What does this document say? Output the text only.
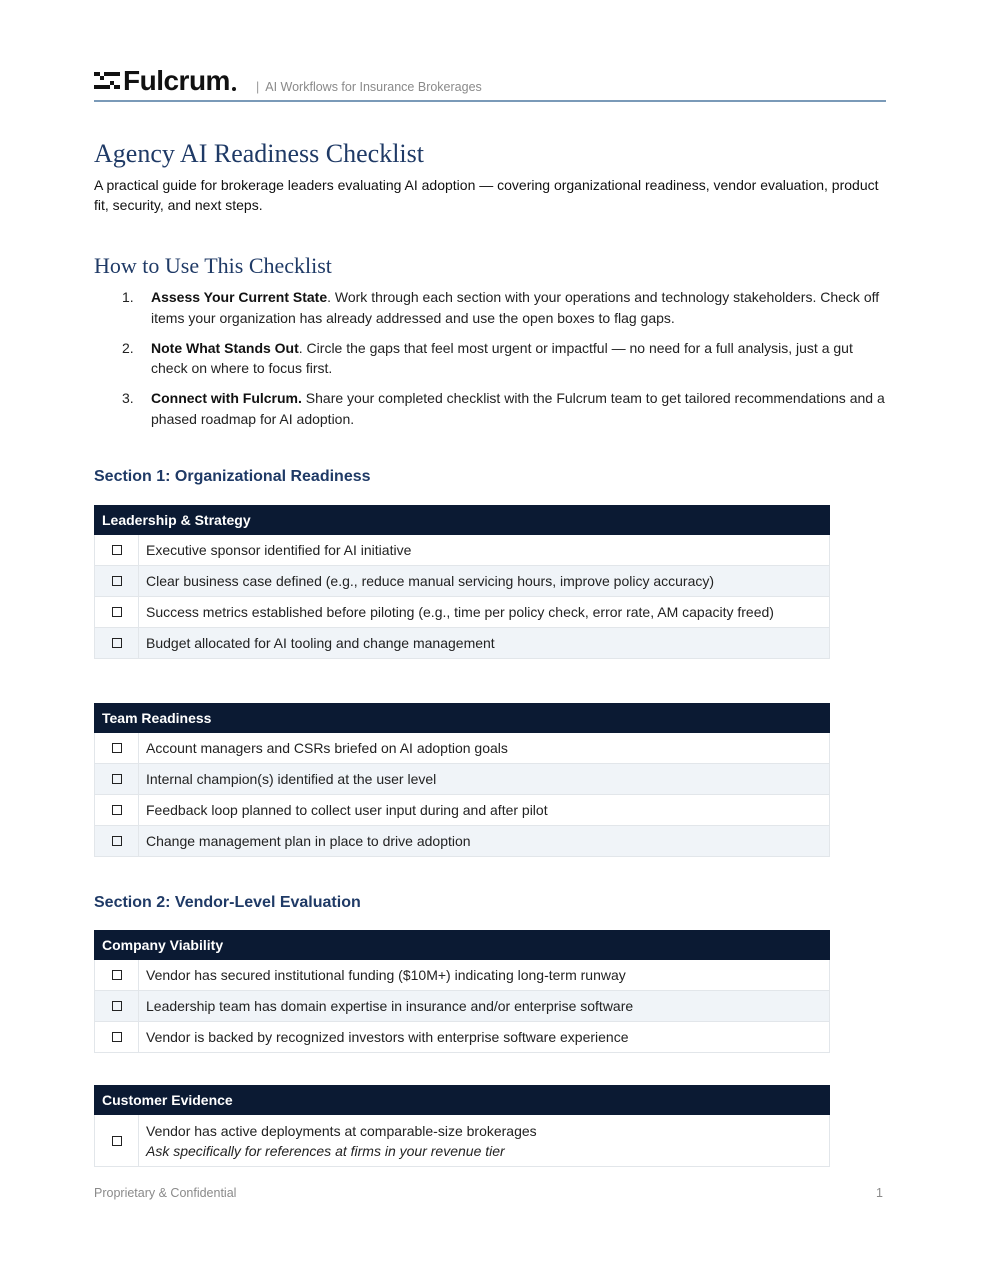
Fulcrum | AI Workflows for Insurance Brokerages
Agency AI Readiness Checklist
A practical guide for brokerage leaders evaluating AI adoption — covering organizational readiness, vendor evaluation, product fit, security, and next steps.
How to Use This Checklist
1. Assess Your Current State. Work through each section with your operations and technology stakeholders. Check off items your organization has already addressed and use the open boxes to flag gaps.
2. Note What Stands Out. Circle the gaps that feel most urgent or impactful — no need for a full analysis, just a gut check on where to focus first.
3. Connect with Fulcrum. Share your completed checklist with the Fulcrum team to get tailored recommendations and a phased roadmap for AI adoption.
Section 1: Organizational Readiness
Leadership & Strategy
Executive sponsor identified for AI initiative
Clear business case defined (e.g., reduce manual servicing hours, improve policy accuracy)
Success metrics established before piloting (e.g., time per policy check, error rate, AM capacity freed)
Budget allocated for AI tooling and change management
Team Readiness
Account managers and CSRs briefed on AI adoption goals
Internal champion(s) identified at the user level
Feedback loop planned to collect user input during and after pilot
Change management plan in place to drive adoption
Section 2: Vendor-Level Evaluation
Company Viability
Vendor has secured institutional funding ($10M+) indicating long-term runway
Leadership team has domain expertise in insurance and/or enterprise software
Vendor is backed by recognized investors with enterprise software experience
Customer Evidence
Vendor has active deployments at comparable-size brokerages
Ask specifically for references at firms in your revenue tier
Proprietary & Confidential	1
